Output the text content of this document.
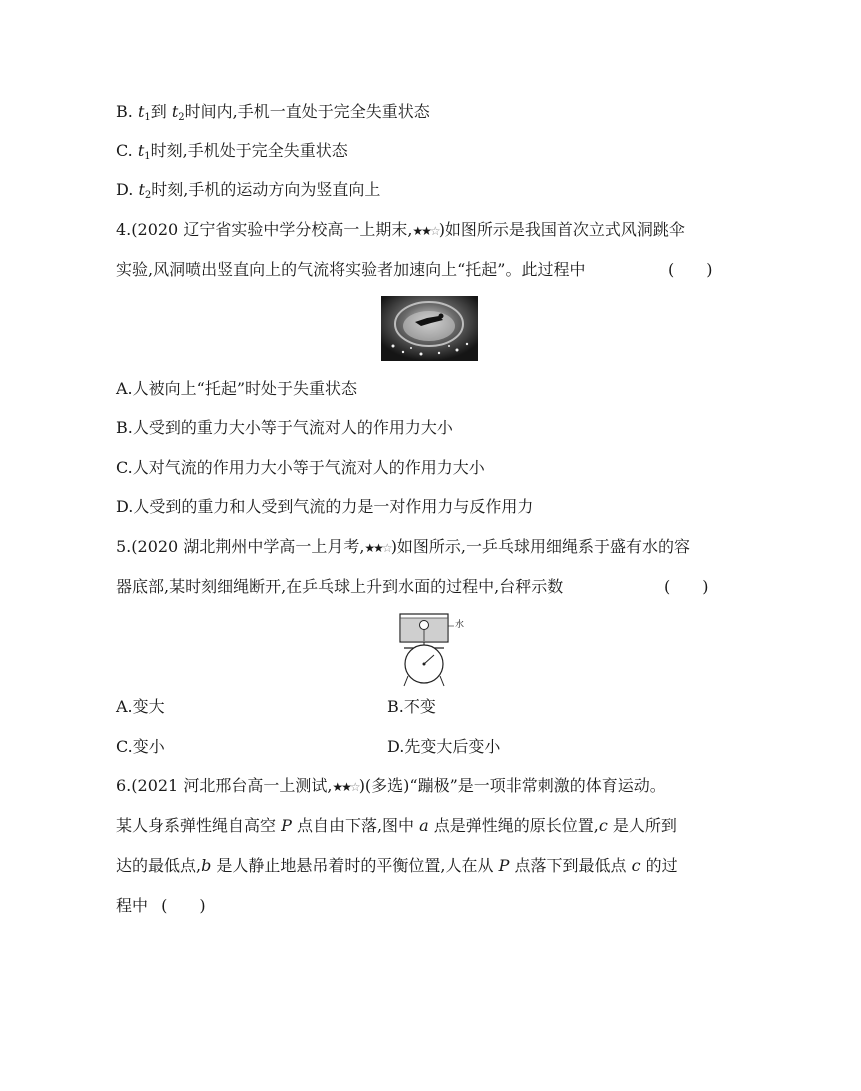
B. $t_1$到 $t_2$时间内,手机一直处于完全失重状态
C. $t_1$时刻,手机处于完全失重状态
D. $t_2$时刻,手机的运动方向为竖直向上
4.(2020 辽宁省实验中学分校高一上期末,★★☆)如图所示是我国首次立式风洞跳伞
实验,风洞喷出竖直向上的气流将实验者加速向上“托起”。此过程中	(　　)
A.人被向上“托起”时处于失重状态
B.人受到的重力大小等于气流对人的作用力大小
C.人对气流的作用力大小等于气流对人的作用力大小
D.人受到的重力和人受到气流的力是一对作用力与反作用力
5.(2020 湖北荆州中学高一上月考,★★☆)如图所示,一乒乓球用细绳系于盛有水的容
器底部,某时刻细绳断开,在乒乓球上升到水面的过程中,台秤示数	(　　)
水
A.变大	B.不变
C.变小	D.先变大后变小
6.(2021 河北邢台高一上测试,★★☆)(多选)“蹦极”是一项非常刺激的体育运动。
某人身系弹性绳自高空 P 点自由下落,图中 a 点是弹性绳的原长位置,c 是人所到
达的最低点,b 是人静止地悬吊着时的平衡位置,人在从 P 点落下到最低点 c 的过
程中 (　　)
